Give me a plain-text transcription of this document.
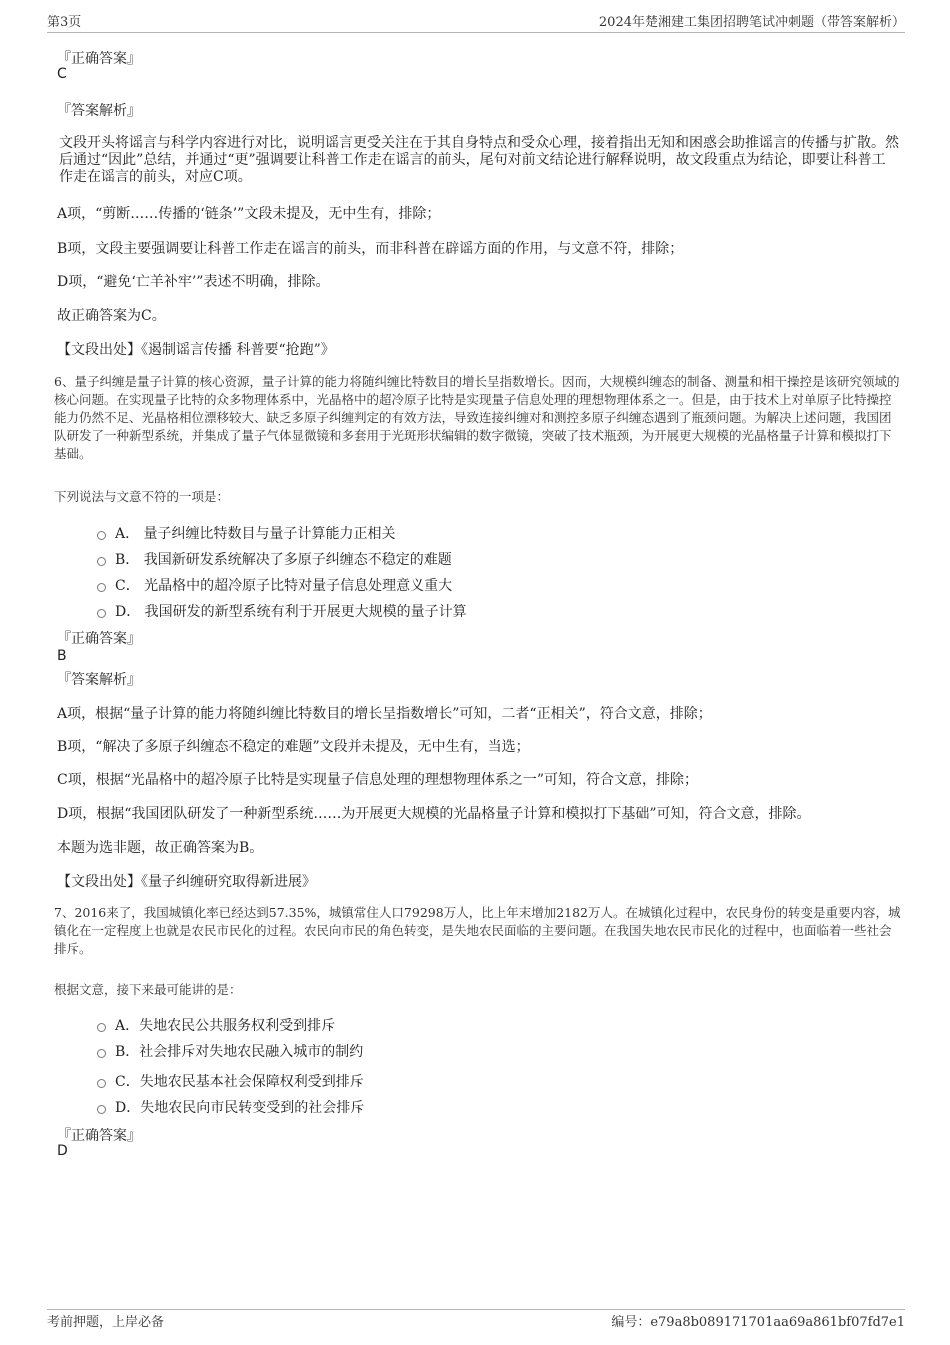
第3页	2024年楚湘建工集团招聘笔试冲刺题（带答案解析）
『正确答案』
C
『答案解析』
文段开头将谣言与科学内容进行对比，说明谣言更受关注在于其自身特点和受众心理，接着指出无知和困惑会助推谣言的传播与扩散。然后通过“因此”总结，并通过“更”强调要让科普工作走在谣言的前头，尾句对前文结论进行解释说明，故文段重点为结论，即要让科普工作走在谣言的前头，对应C项。
A项，“剪断……传播的‘链条’”文段未提及，无中生有，排除；
B项，文段主要强调要让科普工作走在谣言的前头，而非科普在辟谣方面的作用，与文意不符，排除；
D项，“避免‘亡羊补牢’”表述不明确，排除。
故正确答案为C。
【文段出处】《遏制谣言传播 科普要“抢跑”》
6、量子纠缠是量子计算的核心资源，量子计算的能力将随纠缠比特数目的增长呈指数增长。因而，大规模纠缠态的制备、测量和相干操控是该研究领域的核心问题。在实现量子比特的众多物理体系中，光晶格中的超冷原子比特是实现量子信息处理的理想物理体系之一。但是，由于技术上对单原子比特操控能力仍然不足、光晶格相位漂移较大、缺乏多原子纠缠判定的有效方法，导致连接纠缠对和测控多原子纠缠态遇到了瓶颈问题。为解决上述问题，我国团队研发了一种新型系统，并集成了量子气体显微镜和多套用于光斑形状编辑的数字微镜，突破了技术瓶颈，为开展更大规模的光晶格量子计算和模拟打下基础。
下列说法与文意不符的一项是：
A． 量子纠缠比特数目与量子计算能力正相关
B． 我国新研发系统解决了多原子纠缠态不稳定的难题
C． 光晶格中的超冷原子比特对量子信息处理意义重大
D． 我国研发的新型系统有利于开展更大规模的量子计算
『正确答案』
B
『答案解析』
A项，根据“量子计算的能力将随纠缠比特数目的增长呈指数增长”可知，二者“正相关”，符合文意，排除；
B项，“解决了多原子纠缠态不稳定的难题”文段并未提及，无中生有，当选；
C项，根据“光晶格中的超冷原子比特是实现量子信息处理的理想物理体系之一”可知，符合文意，排除；
D项，根据“我国团队研发了一种新型系统……为开展更大规模的光晶格量子计算和模拟打下基础”可知，符合文意，排除。
本题为选非题，故正确答案为B。
【文段出处】《量子纠缠研究取得新进展》
7、2016来了，我国城镇化率已经达到57.35%，城镇常住人口79298万人，比上年末增加2182万人。在城镇化过程中，农民身份的转变是重要内容，城镇化在一定程度上也就是农民市民化的过程。农民向市民的角色转变，是失地农民面临的主要问题。在我国失地农民市民化的过程中，也面临着一些社会排斥。
根据文意，接下来最可能讲的是：
A．失地农民公共服务权利受到排斥
B．社会排斥对失地农民融入城市的制约
C．失地农民基本社会保障权利受到排斥
D．失地农民向市民转变受到的社会排斥
『正确答案』
D
考前押题，上岸必备	编号：e79a8b089171701aa69a861bf07fd7e1
